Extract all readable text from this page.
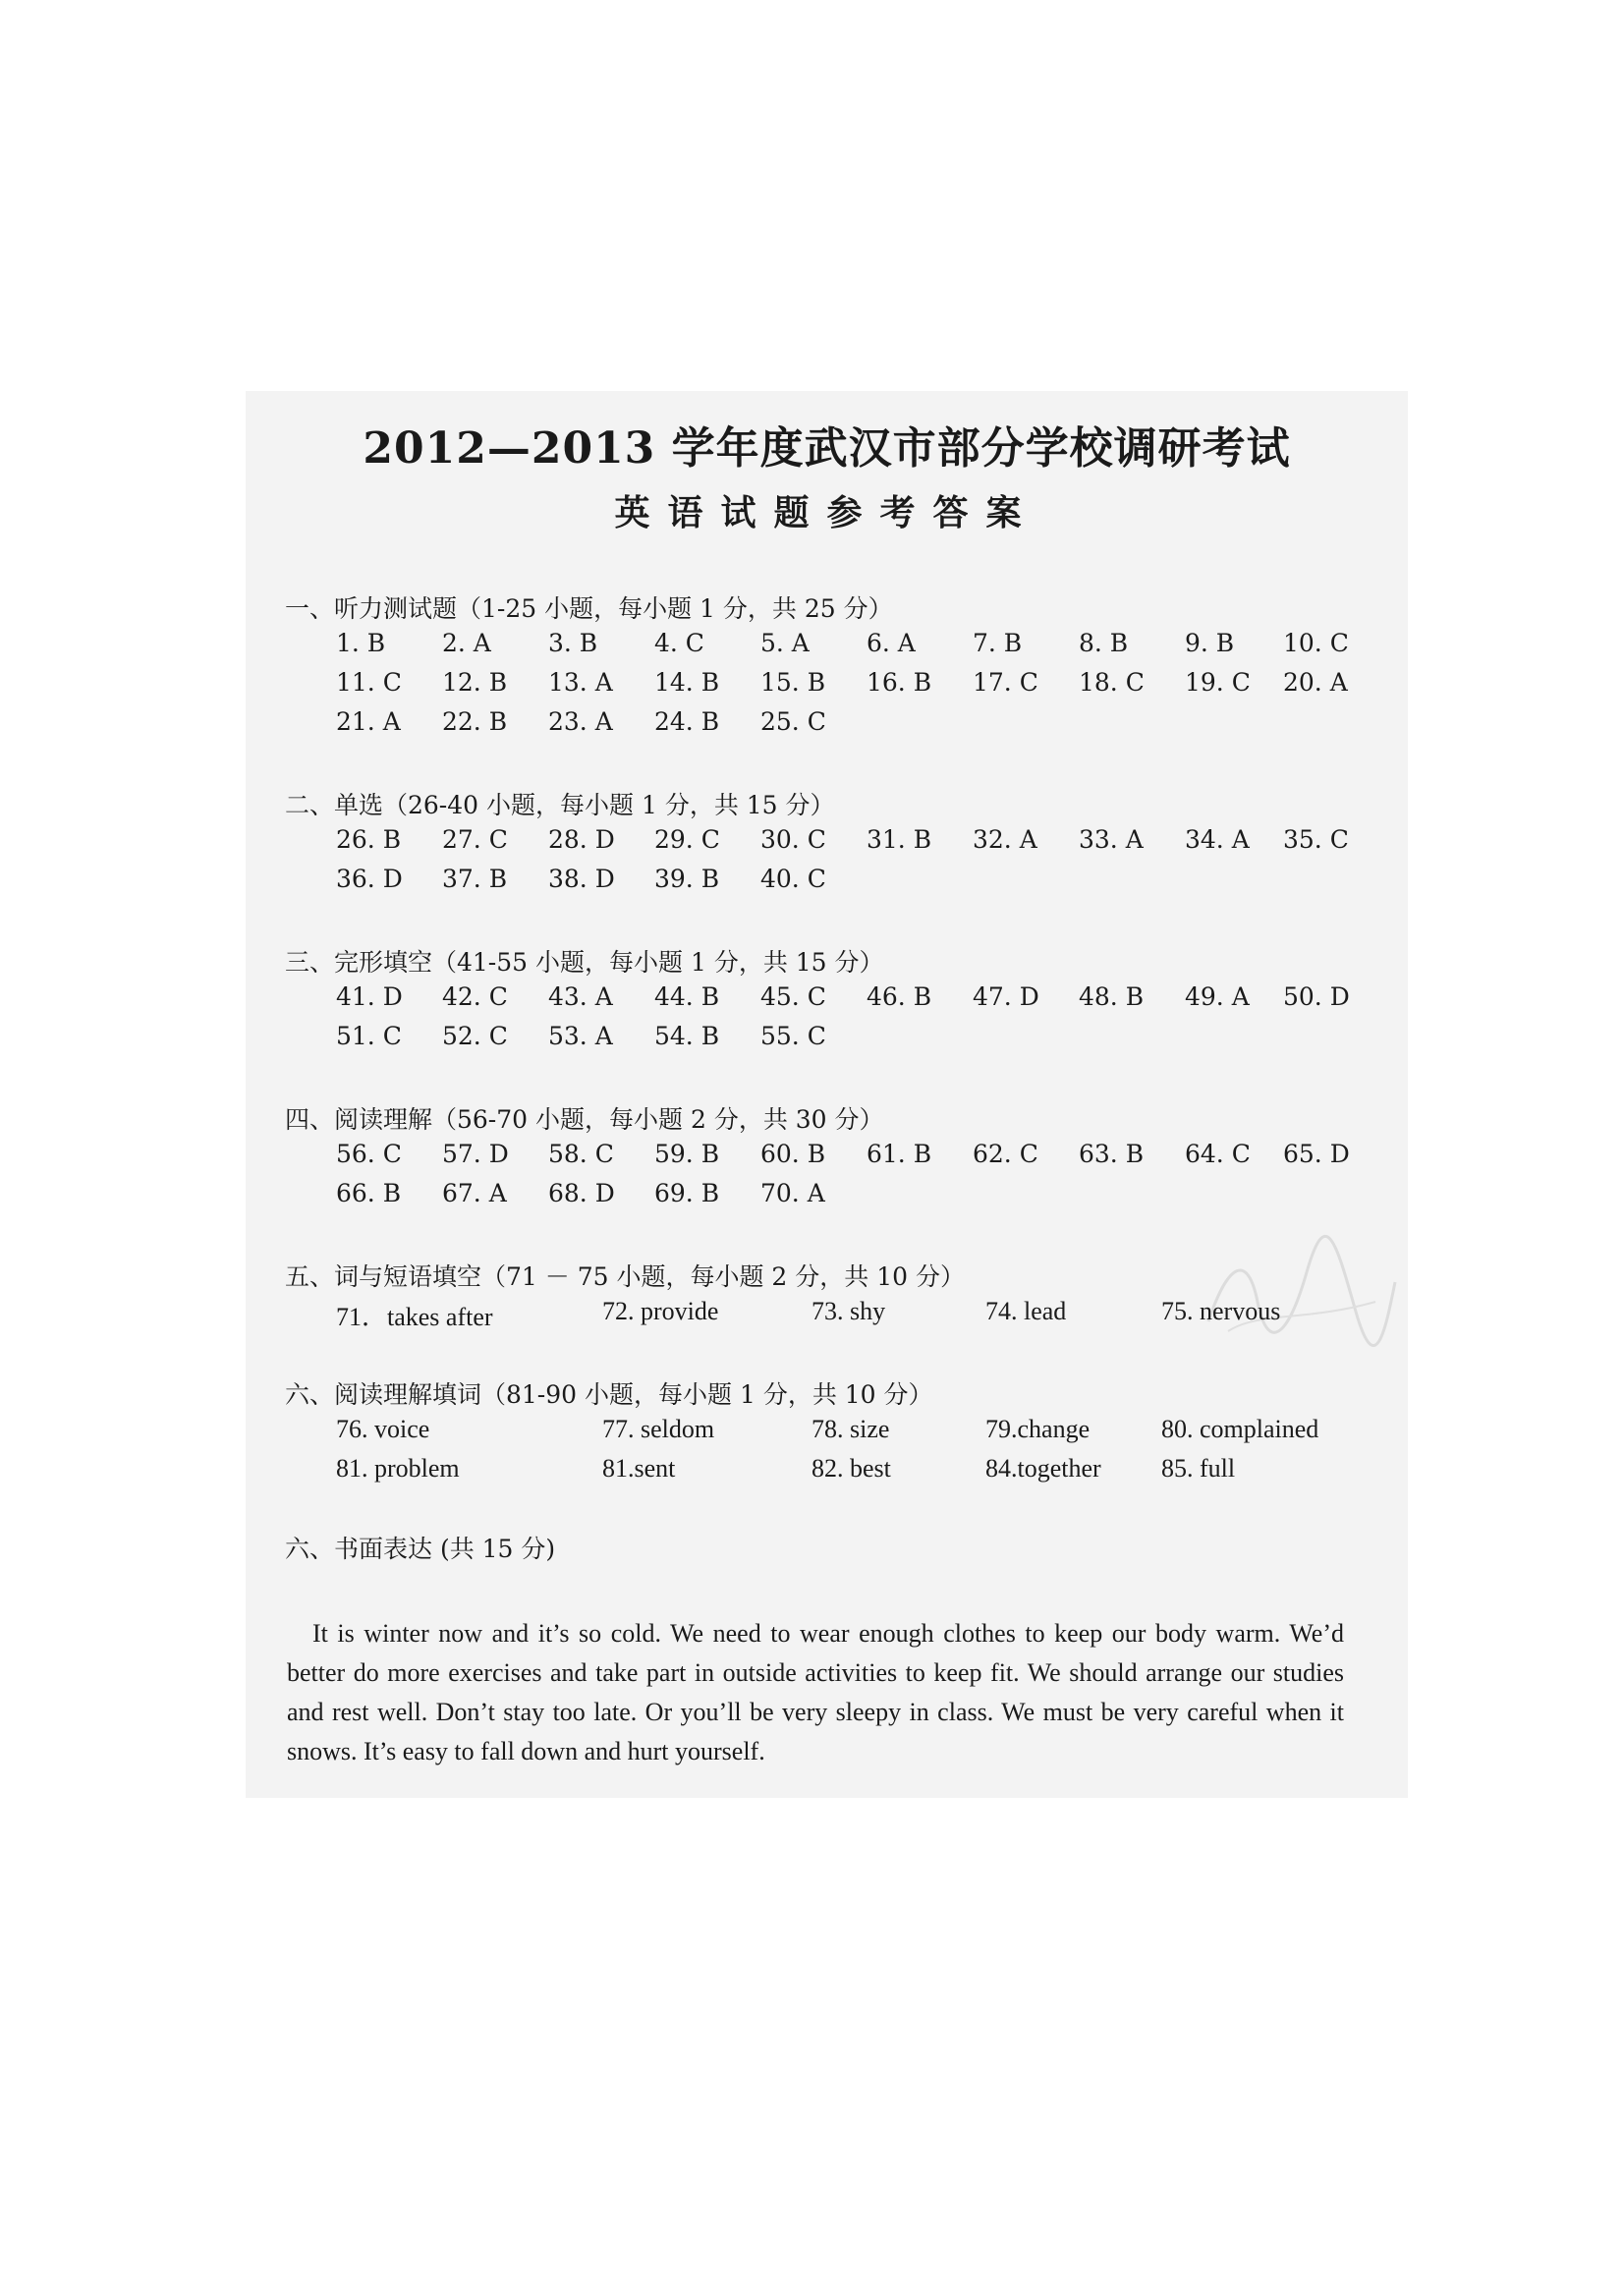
2012—2013 学年度武汉市部分学校调研考试
英语试题参考答案
一、听力测试题（1-25 小题，每小题 1 分，共 25 分）
1. B 2. A 3. B 4. C 5. A 6. A 7. B 8. B 9. B 10. C
11. C 12. B 13. A 14. B 15. B 16. B 17. C 18. C 19. C 20. A
21. A 22. B 23. A 24. B 25. C
二、单选（26-40 小题，每小题 1 分，共 15 分）
26. B 27. C 28. D 29. C 30. C 31. B 32. A 33. A 34. A 35. C
36. D 37. B 38. D 39. B 40. C
三、完形填空（41-55 小题，每小题 1 分，共 15 分）
41. D 42. C 43. A 44. B 45. C 46. B 47. D 48. B 49. A 50. D
51. C 52. C 53. A 54. B 55. C
四、阅读理解（56-70 小题，每小题 2 分，共 30 分）
56. C 57. D 58. C 59. B 60. B 61. B 62. C 63. B 64. C 65. D
66. B 67. A 68. D 69. B 70. A
五、词与短语填空（71 － 75 小题，每小题 2 分，共 10 分）
71．takes after	72. provide	73. shy	74. lead	75. nervous
六、阅读理解填词（81-90 小题，每小题 1 分，共 10 分）
76. voice	77. seldom	78. size	79.change	80. complained
81. problem	81.sent	82. best	84.together 85. full
六、书面表达 (共 15 分)
It is winter now and it’s so cold. We need to wear enough clothes to keep our body warm. We’d better do more exercises and take part in outside activities to keep fit. We should arrange our studies and rest well. Don’t stay too late. Or you’ll be very sleepy in class. We must be very careful when it snows. It’s easy to fall down and hurt yourself.
